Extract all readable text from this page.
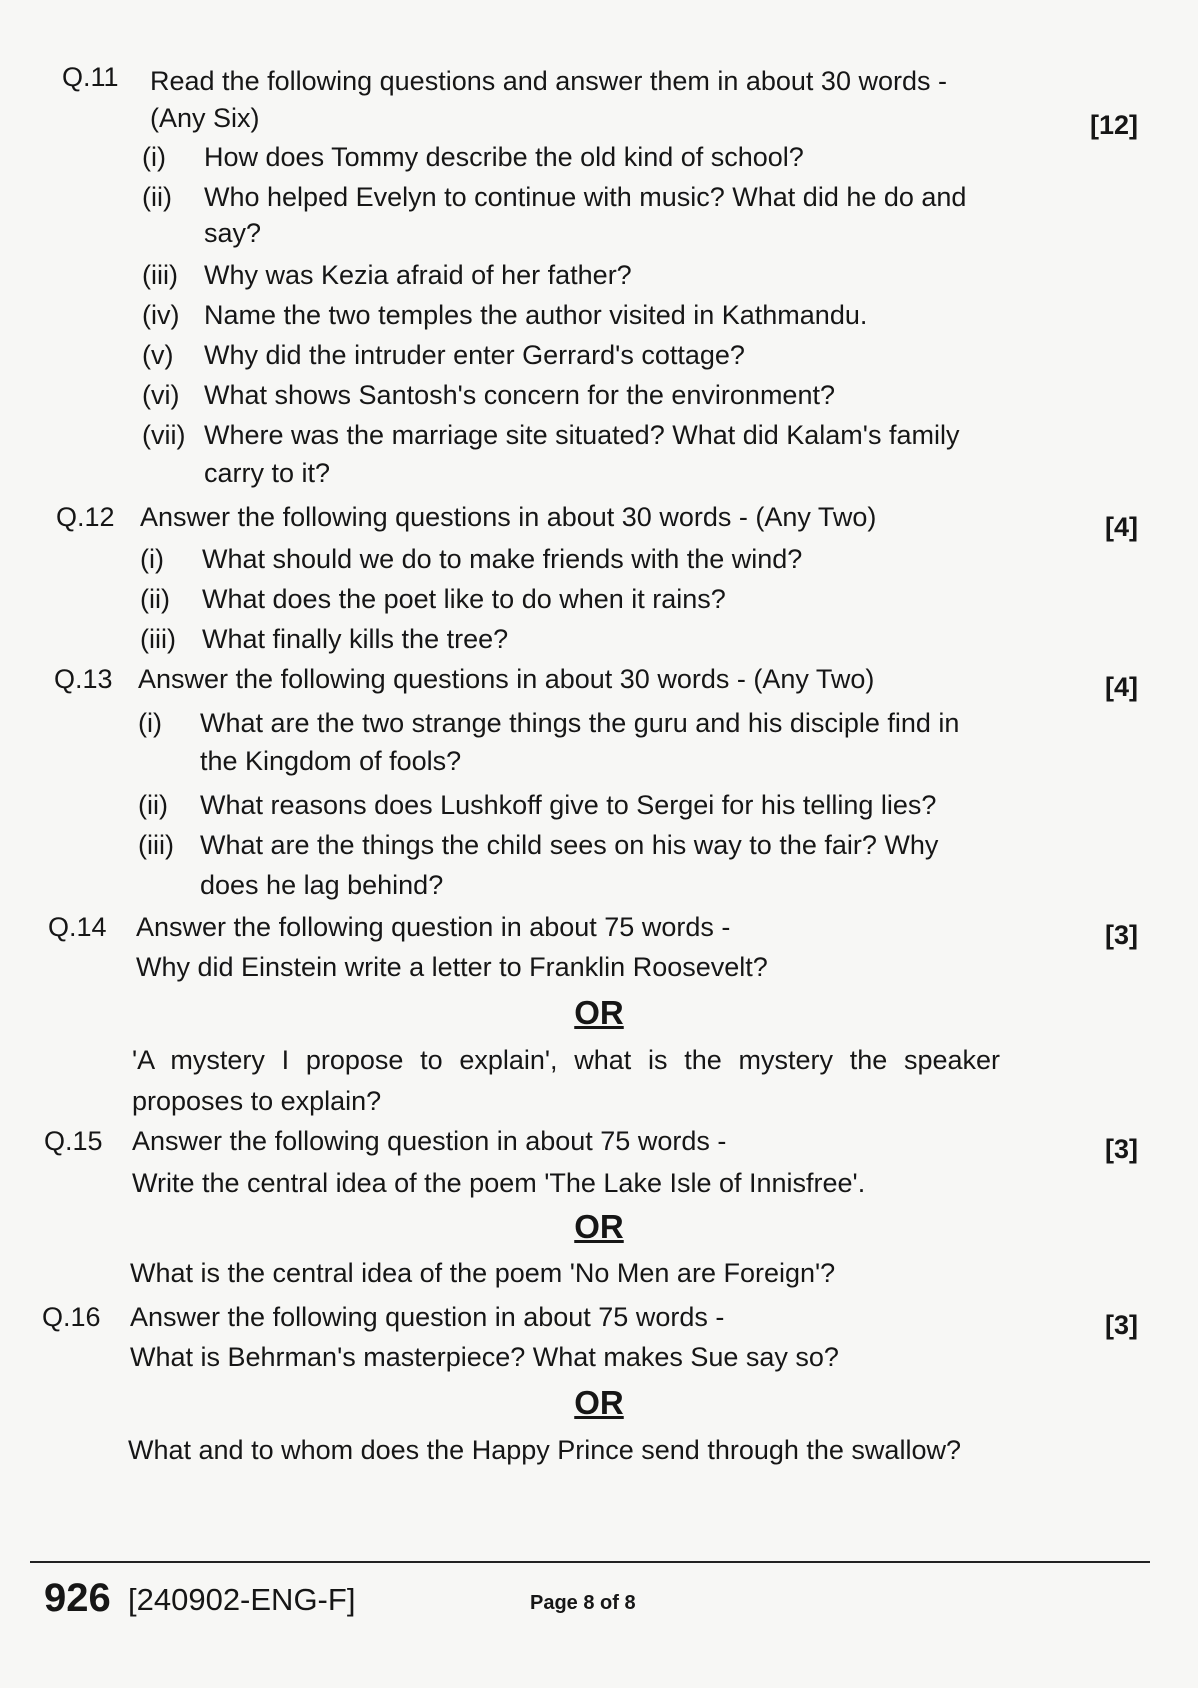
​
Q.11 Read the following questions and answer them in about 30 words -
(Any Six)	[12]
(i) How does Tommy describe the old kind of school?
(ii) Who helped Evelyn to continue with music? What did he do and
say?
(iii) Why was Kezia afraid of her father?
(iv) Name the two temples the author visited in Kathmandu.
(v) Why did the intruder enter Gerrard's cottage?
(vi) What shows Santosh's concern for the environment?
(vii) Where was the marriage site situated? What did Kalam's family
carry to it?
Q.12 Answer the following questions in about 30 words - (Any Two)	[4]
(i) What should we do to make friends with the wind?
(ii) What does the poet like to do when it rains?
(iii) What finally kills the tree?
Q.13 Answer the following questions in about 30 words - (Any Two)	[4]
(i) What are the two strange things the guru and his disciple find in
the Kingdom of fools?
(ii) What reasons does Lushkoff give to Sergei for his telling lies?
(iii) What are the things the child sees on his way to the fair? Why
does he lag behind?
Q.14 Answer the following question in about 75 words -	[3]
Why did Einstein write a letter to Franklin Roosevelt?
OR
'A mystery I propose to explain', what is the mystery the speaker proposes to explain?
Q.15 Answer the following question in about 75 words -	[3]
Write the central idea of the poem 'The Lake Isle of Innisfree'.
OR
What is the central idea of the poem 'No Men are Foreign'?
Q.16 Answer the following question in about 75 words -	[3]
What is Behrman's masterpiece? What makes Sue say so?
OR
What and to whom does the Happy Prince send through the swallow?
926 [240902-ENG-F]	Page 8 of 8
